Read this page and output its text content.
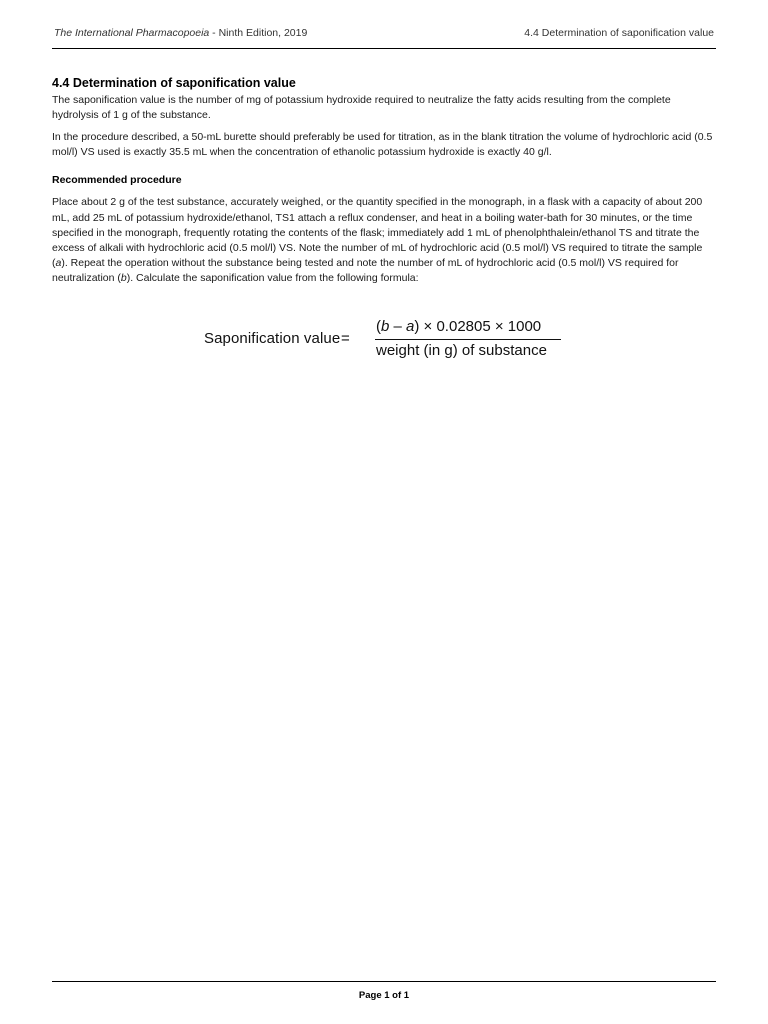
The International Pharmacopoeia - Ninth Edition, 2019	4.4 Determination of saponification value
4.4 Determination of saponification value

The saponification value is the number of mg of potassium hydroxide required to neutralize the fatty acids resulting from the complete hydrolysis of 1 g of the substance.

In the procedure described, a 50-mL burette should preferably be used for titration, as in the blank titration the volume of hydrochloric acid (0.5 mol/l) VS used is exactly 35.5 mL when the concentration of ethanolic potassium hydroxide is exactly 40 g/l.

Recommended procedure

Place about 2 g of the test substance, accurately weighed, or the quantity specified in the monograph, in a flask with a capacity of about 200 mL, add 25 mL of potassium hydroxide/ethanol, TS1 attach a reflux condenser, and heat in a boiling water-bath for 30 minutes, or the time specified in the monograph, frequently rotating the contents of the flask; immediately add 1 mL of phenolphthalein/ethanol TS and titrate the excess of alkali with hydrochloric acid (0.5 mol/l) VS. Note the number of mL of hydrochloric acid (0.5 mol/l) VS required to titrate the sample (a). Repeat the operation without the substance being tested and note the number of mL of hydrochloric acid (0.5 mol/l) VS required for neutralization (b). Calculate the saponification value from the following formula:

Saponification value =
(b – a) × 0.02805 × 1000
weight (in g) of substance
Page 1 of 1
